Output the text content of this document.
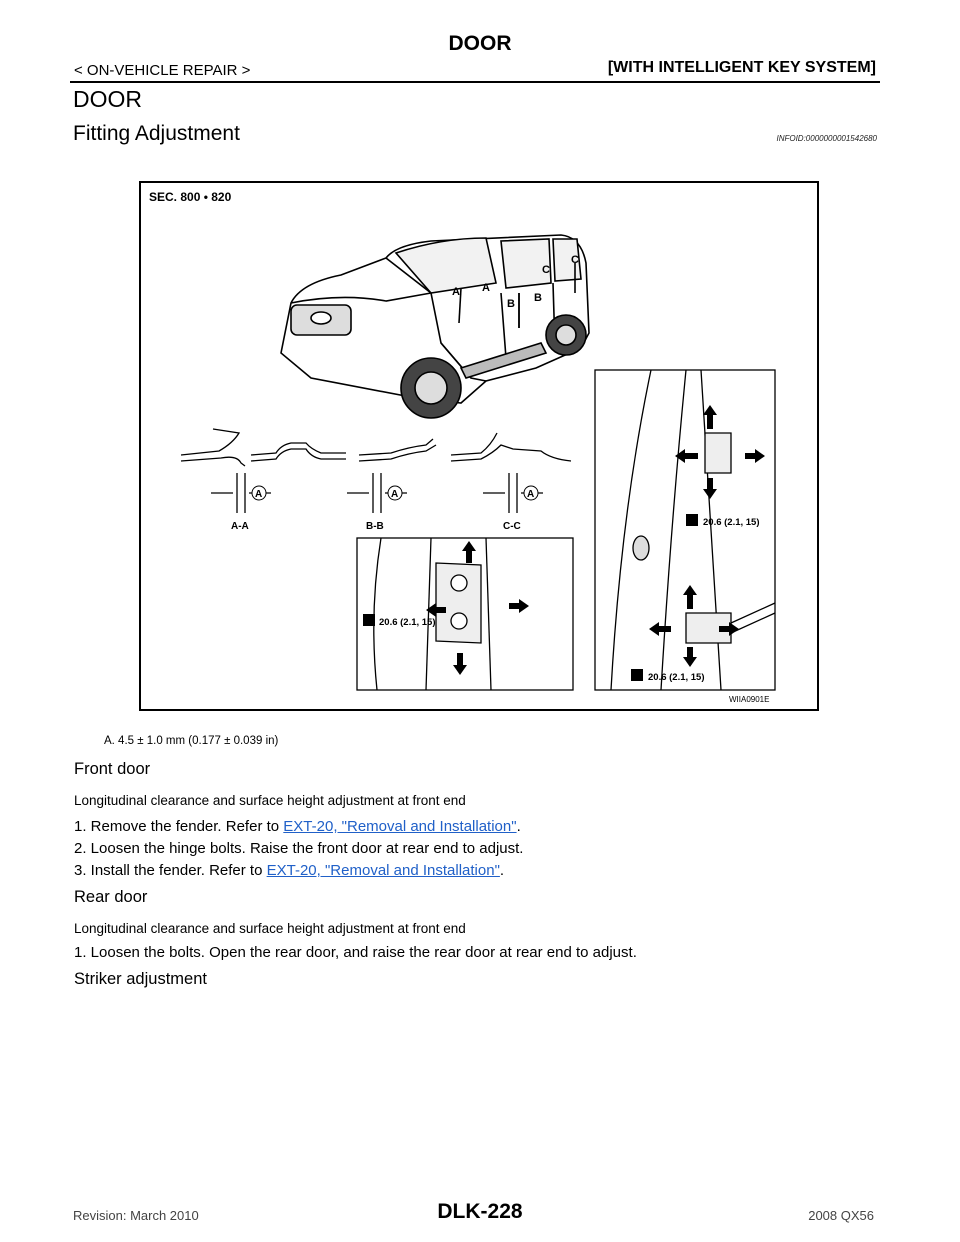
DOOR
< ON-VEHICLE REPAIR >	[WITH INTELLIGENT KEY SYSTEM]
DOOR
Fitting Adjustment	INFOID:0000000001542680
SEC. 800 • 820
A A
B B
C
C
A	A	A
A-A	B-B	C-C
20.6 (2.1, 15)
20.6 (2.1, 15)
20.6 (2.1, 15)
WIIA0901E
A. 4.5 ± 1.0 mm (0.177 ± 0.039 in)
Front door
Longitudinal clearance and surface height adjustment at front end
1. Remove the fender. Refer to EXT-20, "Removal and Installation".
2. Loosen the hinge bolts. Raise the front door at rear end to adjust.
3. Install the fender. Refer to EXT-20, "Removal and Installation".
Rear door
Longitudinal clearance and surface height adjustment at front end
1. Loosen the bolts. Open the rear door, and raise the rear door at rear end to adjust.
Striker adjustment
Revision: March 2010	DLK-228	2008 QX56
